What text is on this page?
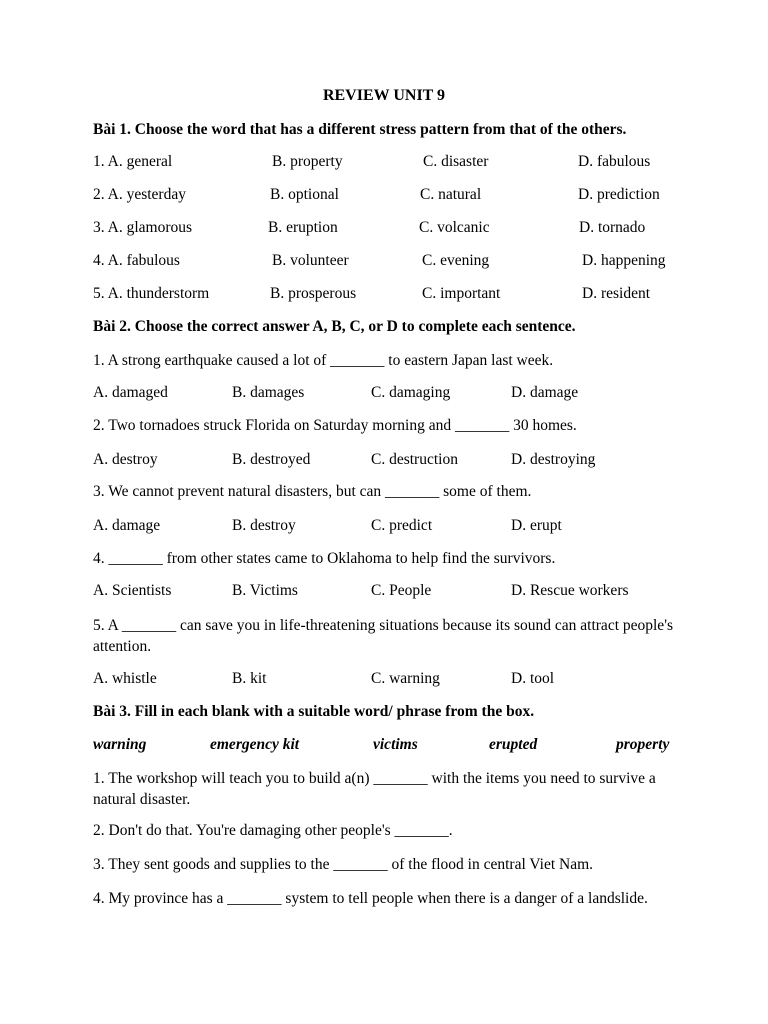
REVIEW UNIT 9
Bài 1. Choose the word that has a different stress pattern from that of the others.
1. A. general	B. property	C. disaster	D. fabulous
2. A. yesterday	B. optional	C. natural	D. prediction
3. A. glamorous	B. eruption	C. volcanic	D. tornado
4. A. fabulous	B. volunteer	C. evening	D. happening
5. A. thunderstorm	B. prosperous	C. important	D. resident
Bài 2. Choose the correct answer A, B, C, or D to complete each sentence.
1. A strong earthquake caused a lot of _______ to eastern Japan last week.
A. damaged	B. damages	C. damaging	D. damage
2. Two tornadoes struck Florida on Saturday morning and _______ 30 homes.
A. destroy	B. destroyed	C. destruction	D. destroying
3. We cannot prevent natural disasters, but can _______ some of them.
A. damage	B. destroy	C. predict	D. erupt
4. _______ from other states came to Oklahoma to help find the survivors.
A. Scientists	B. Victims	C. People	D. Rescue workers
5. A _______ can save you in life-threatening situations because its sound can attract people's attention.
A. whistle	B. kit	C. warning	D. tool
Bài 3. Fill in each blank with a suitable word/ phrase from the box.
warning	emergency kit	victims	erupted	property
1. The workshop will teach you to build a(n) _______ with the items you need to survive a natural disaster.
2. Don't do that. You're damaging other people's _______.
3. They sent goods and supplies to the _______ of the flood in central Viet Nam.
4. My province has a _______ system to tell people when there is a danger of a landslide.
